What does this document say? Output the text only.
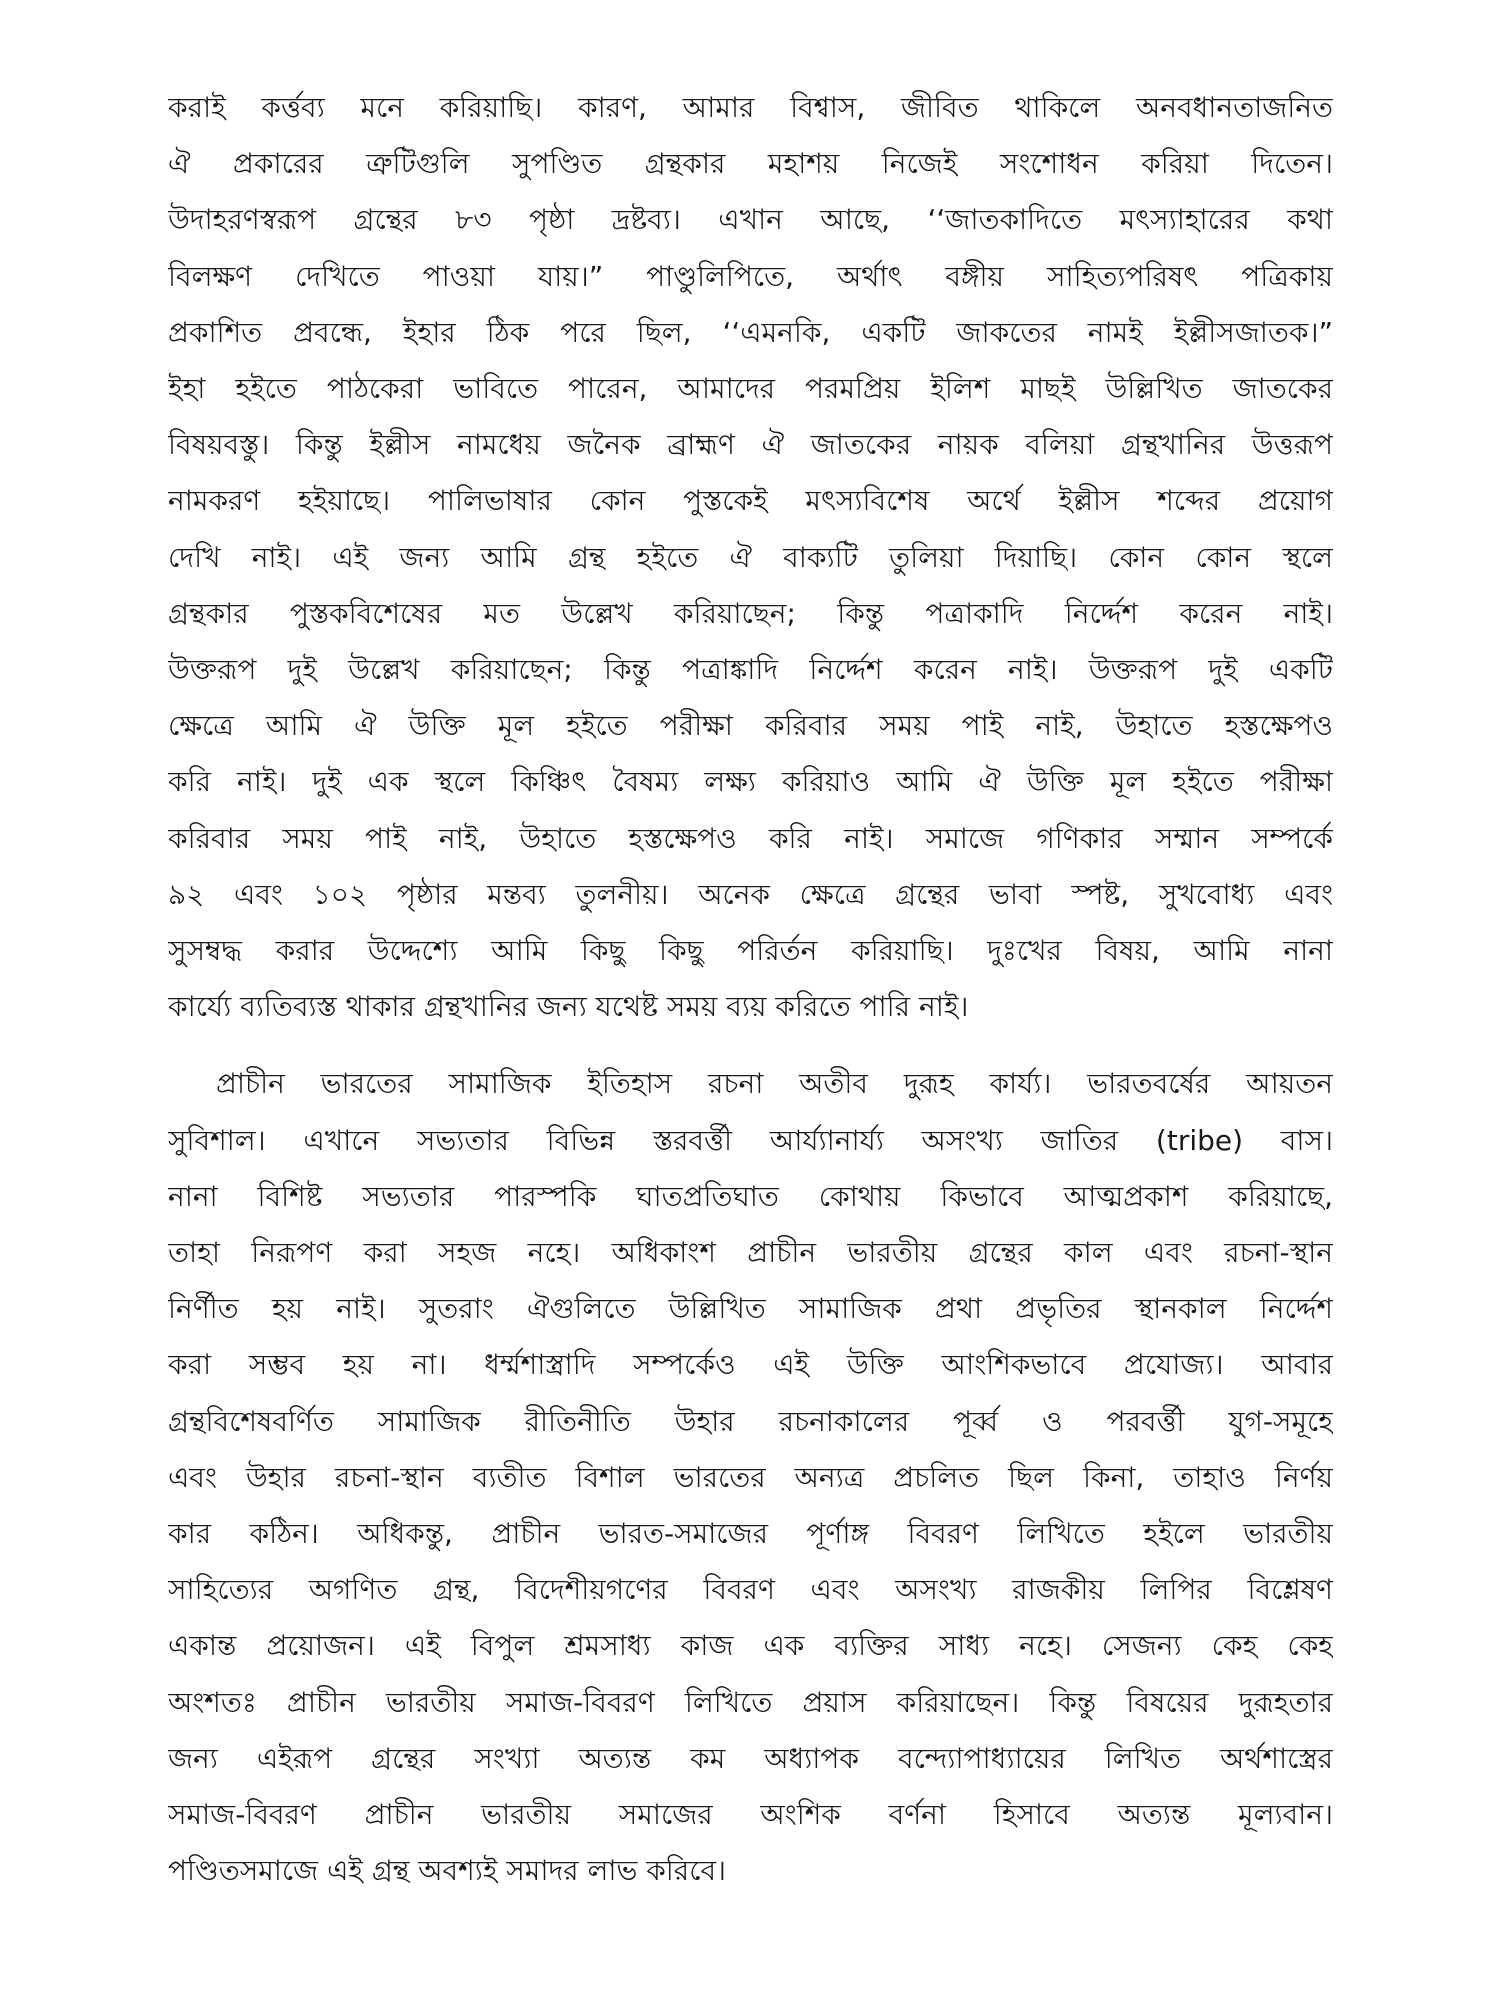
করাই কর্ত্তব্য মনে করিয়াছি। কারণ, আমার বিশ্বাস, জীবিত থাকিলে অনবধানতাজনিত
ঐ প্রকারের ত্রুটিগুলি সুপণ্ডিত গ্রন্থকার মহাশয় নিজেই সংশোধন করিয়া দিতেন।
উদাহরণস্বরূপ গ্রন্থের ৮৩ পৃষ্ঠা দ্রষ্টব্য। এখান আছে, ‘‘জাতকাদিতে মৎস্যাহারের কথা
বিলক্ষণ দেখিতে পাওয়া যায়।” পাণ্ডুলিপিতে, অর্থাৎ বঙ্গীয় সাহিত্যপরিষৎ পত্রিকায়
প্রকাশিত প্রবন্ধে, ইহার ঠিক পরে ছিল, ‘‘এমনকি, একটি জাকতের নামই ইল্লীসজাতক।”
ইহা হইতে পাঠকেরা ভাবিতে পারেন, আমাদের পরমপ্রিয় ইলিশ মাছই উল্লিখিত জাতকের
বিষয়বস্তু। কিন্তু ইল্লীস নামধেয় জনৈক ব্রাহ্মণ ঐ জাতকের নায়ক বলিয়া গ্রন্থখানির উত্তরূপ
নামকরণ হইয়াছে। পালিভাষার কোন পুস্তকেই মৎস্যবিশেষ অর্থে ইল্লীস শব্দের প্রয়োগ
দেখি নাই। এই জন্য আমি গ্রন্থ হইতে ঐ বাক্যটি তুলিয়া দিয়াছি। কোন কোন স্থলে
গ্রন্থকার পুস্তকবিশেষের মত উল্লেখ করিয়াছেন; কিন্তু পত্রাকাদি নির্দ্দেশ করেন নাই।
উক্তরূপ দুই উল্লেখ করিয়াছেন; কিন্তু পত্রাঙ্কাদি নির্দ্দেশ করেন নাই। উক্তরূপ দুই একটি
ক্ষেত্রে আমি ঐ উক্তি মূল হইতে পরীক্ষা করিবার সময় পাই নাই, উহাতে হস্তক্ষেপও
করি নাই। দুই এক স্থলে কিঞ্চিৎ বৈষম্য লক্ষ্য করিয়াও আমি ঐ উক্তি মূল হইতে পরীক্ষা
করিবার সময় পাই নাই, উহাতে হস্তক্ষেপও করি নাই। সমাজে গণিকার সম্মান সম্পর্কে
৯২ এবং ১০২ পৃষ্ঠার মন্তব্য তুলনীয়। অনেক ক্ষেত্রে গ্রন্থের ভাবা স্পষ্ট, সুখবোধ্য এবং
সুসম্বদ্ধ করার উদ্দেশ্যে আমি কিছু কিছু পরির্তন করিয়াছি। দুঃখের বিষয়, আমি নানা
কার্য্যে ব্যতিব্যস্ত থাকার গ্রন্থখানির জন্য যথেষ্ট সময় ব্যয় করিতে পারি নাই।
প্রাচীন ভারতের সামাজিক ইতিহাস রচনা অতীব দুরূহ কার্য্য। ভারতবর্ষের আয়তন
সুবিশাল। এখানে সভ্যতার বিভিন্ন স্তরবর্ত্তী আর্য্যানার্য্য অসংখ্য জাতির (tribe) বাস।
নানা বিশিষ্ট সভ্যতার পারস্পকি ঘাতপ্রতিঘাত কোথায় কিভাবে আত্মপ্রকাশ করিয়াছে,
তাহা নিরূপণ করা সহজ নহে। অধিকাংশ প্রাচীন ভারতীয় গ্রন্থের কাল এবং রচনা-স্থান
নির্ণীত হয় নাই। সুতরাং ঐগুলিতে উল্লিখিত সামাজিক প্রথা প্রভৃতির স্থানকাল নির্দ্দেশ
করা সম্ভব হয় না। ধর্ম্মশাস্ত্রাদি সম্পর্কেও এই উক্তি আংশিকভাবে প্রযোজ্য। আবার
গ্রন্থবিশেষবর্ণিত সামাজিক রীতিনীতি উহার রচনাকালের পূর্ব্ব ও পরবর্ত্তী যুগ-সমূহে
এবং উহার রচনা-স্থান ব্যতীত বিশাল ভারতের অন্যত্র প্রচলিত ছিল কিনা, তাহাও নির্ণয়
কার কঠিন। অধিকন্তু, প্রাচীন ভারত-সমাজের পূর্ণাঙ্গ বিবরণ লিখিতে হইলে ভারতীয়
সাহিত্যের অগণিত গ্রন্থ, বিদেশীয়গণের বিবরণ এবং অসংখ্য রাজকীয় লিপির বিশ্লেষণ
একান্ত প্রয়োজন। এই বিপুল শ্রমসাধ্য কাজ এক ব্যক্তির সাধ্য নহে। সেজন্য কেহ কেহ
অংশতঃ প্রাচীন ভারতীয় সমাজ-বিবরণ লিখিতে প্রয়াস করিয়াছেন। কিন্তু বিষয়ের দুরূহতার
জন্য এইরূপ গ্রন্থের সংখ্যা অত্যন্ত কম অধ্যাপক বন্দ্যোপাধ্যায়ের লিখিত অর্থশাস্ত্রের
সমাজ-বিবরণ প্রাচীন ভারতীয় সমাজের অংশিক বর্ণনা হিসাবে অত্যন্ত মূল্যবান।
পণ্ডিতসমাজে এই গ্রন্থ অবশ্যই সমাদর লাভ করিবে।
